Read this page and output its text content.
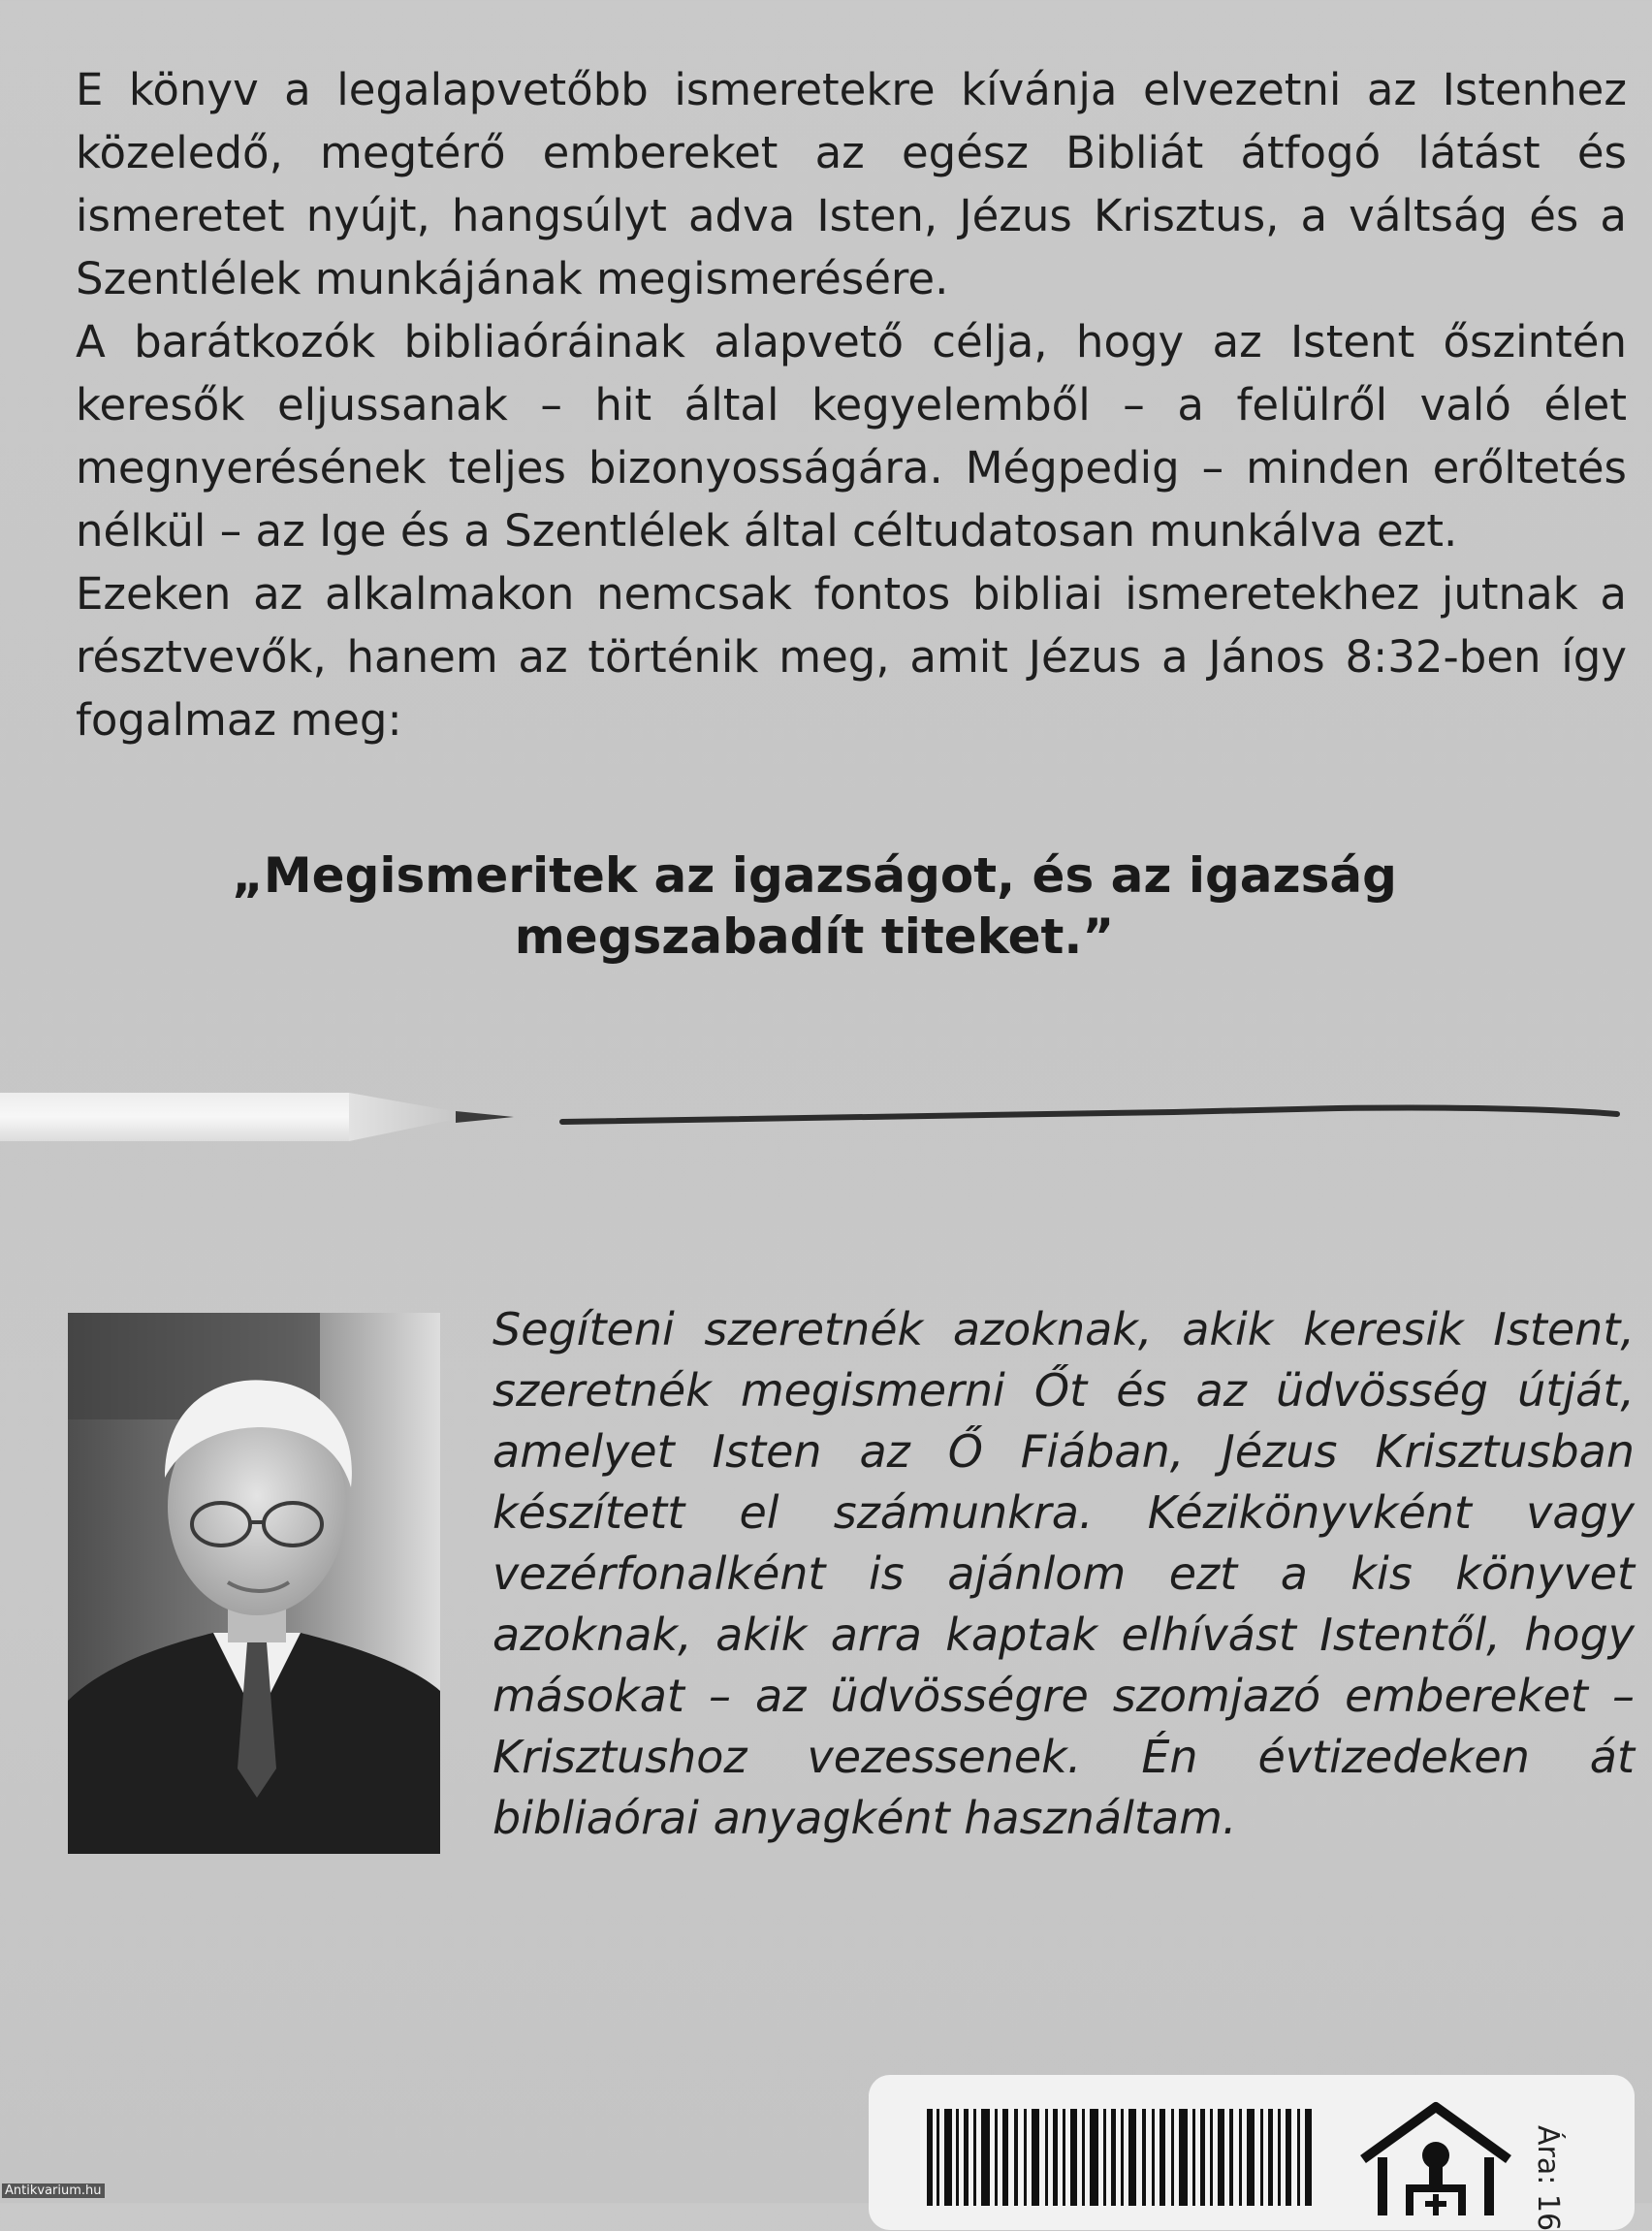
E könyv a legalapvetőbb ismeretekre kívánja elvezetni az Istenhez közeledő, megtérő embereket az egész Bibliát átfogó látást és ismeretet nyújt, hangsúlyt adva Isten, Jézus Krisztus, a váltság és a Szentlélek munkájának megismerésére.

A barátkozók bibliaóráinak alapvető célja, hogy az Istent őszintén keresők eljussanak – hit által kegyelemből – a felülről való élet megnyerésének teljes bizonyosságára. Mégpedig – minden erőltetés nélkül – az Ige és a Szentlélek által céltudatosan munkálva ezt.

Ezeken az alkalmakon nemcsak fontos bibliai ismeretekhez jutnak a résztvevők, hanem az történik meg, amit Jézus a János 8:32-ben így fogalmaz meg:

„Megismeritek az igazságot, és az igazság
megszabadít titeket.”

Segíteni szeretnék azoknak, akik keresik Istent, szeretnék megismerni Őt és az üdvösség útját, amelyet Isten az Ő Fiában, Jézus Krisztusban készített el számunkra. Kézikönyvként vagy vezérfonalként is ajánlom ezt a kis könyvet azoknak, akik arra kaptak elhívást Istentől, hogy másokat – az üdvösségre szomjazó embereket – Krisztushoz vezessenek. Én évtizedeken át bibliaórai anyagként használtam.

Ára: 16
Antikvarium.hu
